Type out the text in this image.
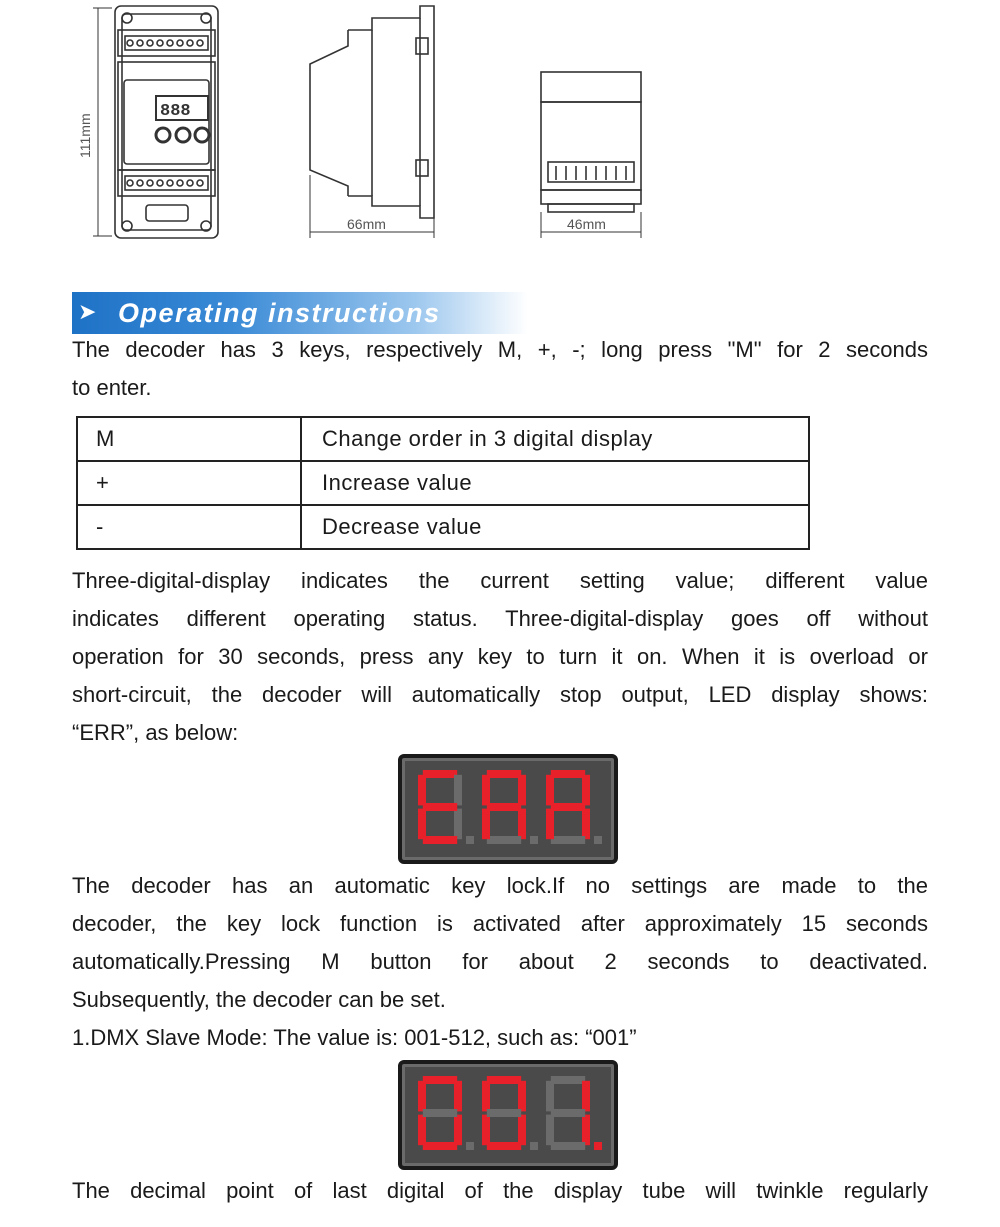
111mm
66mm	46mm
888
➤ Operating instructions

The decoder has 3 keys, respectively M, +, -; long press "M" for 2 seconds

to enter.

M	Change order in 3 digital display
+	Increase value
-	Decrease value

Three-digital-display indicates the current setting value; different value

indicates different operating status. Three-digital-display goes off without

operation for 30 seconds, press any key to turn it on. When it is overload or

short-circuit, the decoder will automatically stop output, LED display shows:

“ERR”, as below:

The decoder has an automatic key lock.If no settings are made to the

decoder, the key lock function is activated after approximately 15 seconds

automatically.Pressing M button for about 2 seconds to deactivated.

Subsequently, the decoder can be set.

1.DMX Slave Mode: The value is: 001-512, such as: “001”

The decimal point of last digital of the display tube will twinkle regularly
